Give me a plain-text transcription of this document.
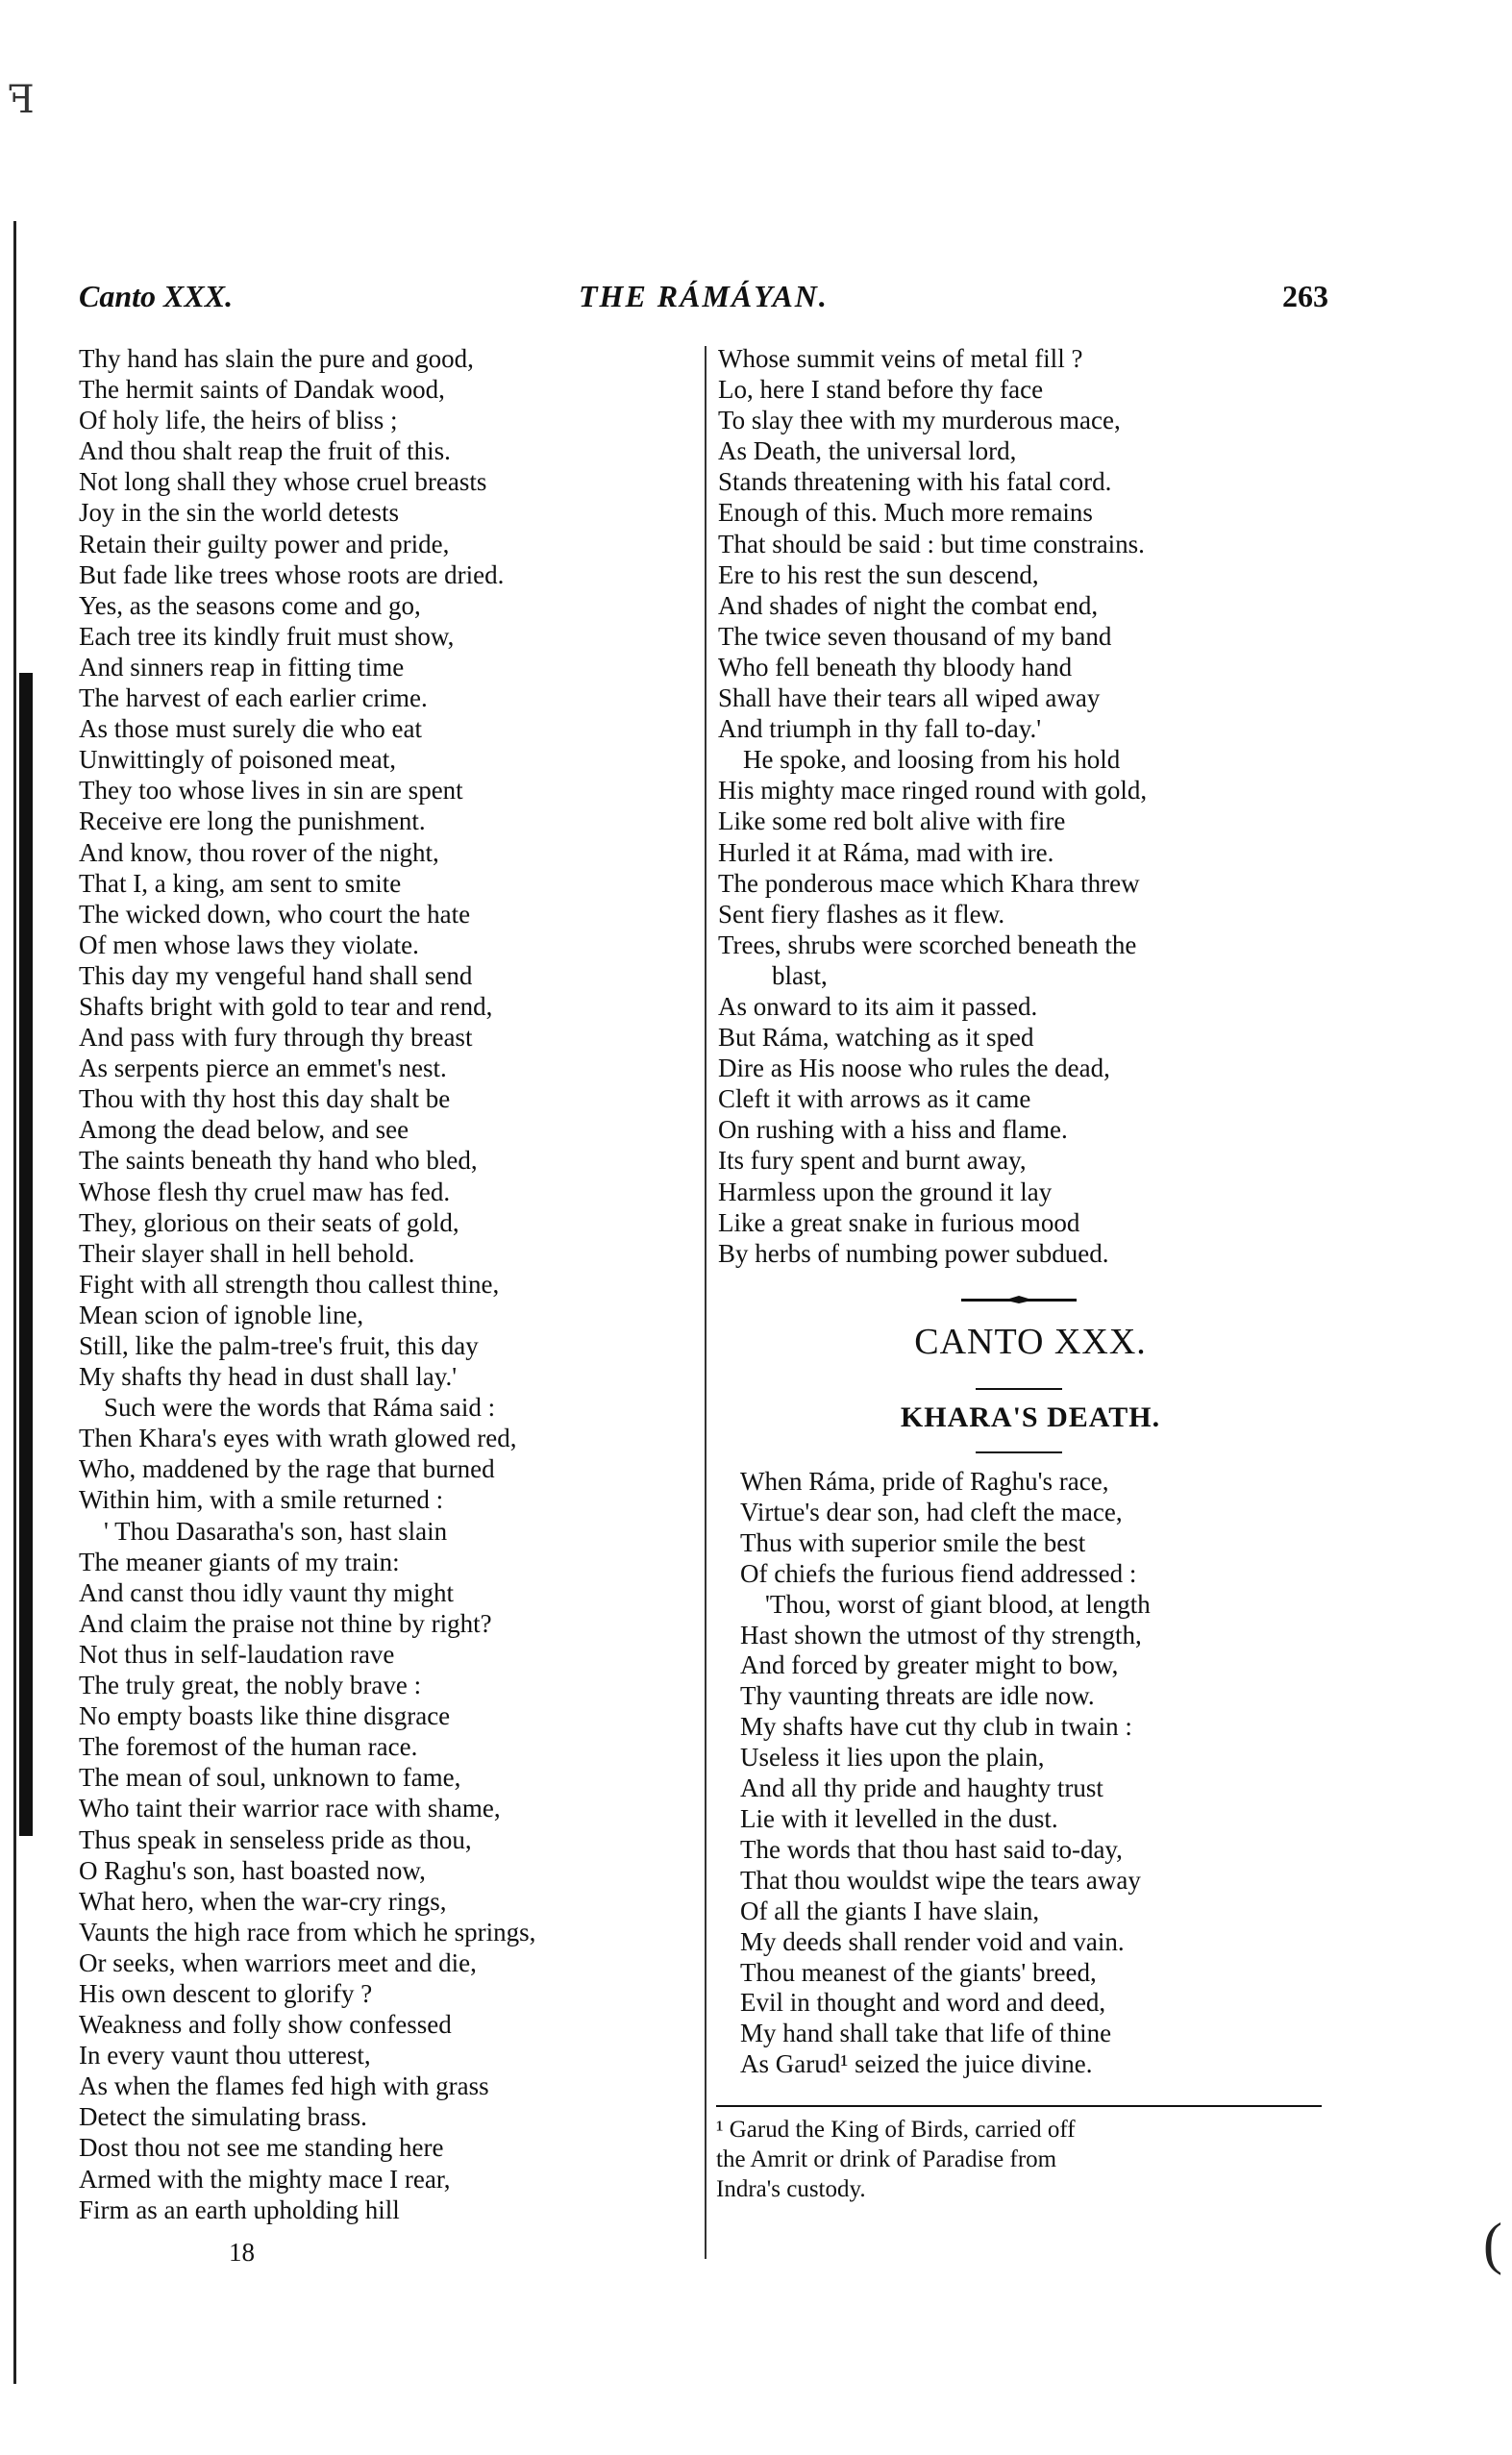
ꟻ
(
Canto XXX.	THE RÁMÁYAN.	263
Thy hand has slain the pure and good,
The hermit saints of Dandak wood,
Of holy life, the heirs of bliss ;
And thou shalt reap the fruit of this.
Not long shall they whose cruel breasts
Joy in the sin the world detests
Retain their guilty power and pride,
But fade like trees whose roots are dried.
Yes, as the seasons come and go,
Each tree its kindly fruit must show,
And sinners reap in fitting time
The harvest of each earlier crime.
As those must surely die who eat
Unwittingly of poisoned meat,
They too whose lives in sin are spent
Receive ere long the punishment.
And know, thou rover of the night,
That I, a king, am sent to smite
The wicked down, who court the hate
Of men whose laws they violate.
This day my vengeful hand shall send
Shafts bright with gold to tear and rend,
And pass with fury through thy breast
As serpents pierce an emmet's nest.
Thou with thy host this day shalt be
Among the dead below, and see
The saints beneath thy hand who bled,
Whose flesh thy cruel maw has fed.
They, glorious on their seats of gold,
Their slayer shall in hell behold.
Fight with all strength thou callest thine,
Mean scion of ignoble line,
Still, like the palm-tree's fruit, this day
My shafts thy head in dust shall lay.'
Such were the words that Ráma said :
Then Khara's eyes with wrath glowed red,
Who, maddened by the rage that burned
Within him, with a smile returned :
' Thou Dasaratha's son, hast slain
The meaner giants of my train:
And canst thou idly vaunt thy might
And claim the praise not thine by right?
Not thus in self-laudation rave
The truly great, the nobly brave :
No empty boasts like thine disgrace
The foremost of the human race.
The mean of soul, unknown to fame,
Who taint their warrior race with shame,
Thus speak in senseless pride as thou,
O Raghu's son, hast boasted now,
What hero, when the war-cry rings,
Vaunts the high race from which he springs,
Or seeks, when warriors meet and die,
His own descent to glorify ?
Weakness and folly show confessed
In every vaunt thou utterest,
As when the flames fed high with grass
Detect the simulating brass.
Dost thou not see me standing here
Armed with the mighty mace I rear,
Firm as an earth upholding hill
Whose summit veins of metal fill ?
Lo, here I stand before thy face
To slay thee with my murderous mace,
As Death, the universal lord,
Stands threatening with his fatal cord.
Enough of this. Much more remains
That should be said : but time constrains.
Ere to his rest the sun descend,
And shades of night the combat end,
The twice seven thousand of my band
Who fell beneath thy bloody hand
Shall have their tears all wiped away
And triumph in thy fall to-day.'
He spoke, and loosing from his hold
His mighty mace ringed round with gold,
Like some red bolt alive with fire
Hurled it at Ráma, mad with ire.
The ponderous mace which Khara threw
Sent fiery flashes as it flew.
Trees, shrubs were scorched beneath the
blast,
As onward to its aim it passed.
But Ráma, watching as it sped
Dire as His noose who rules the dead,
Cleft it with arrows as it came
On rushing with a hiss and flame.
Its fury spent and burnt away,
Harmless upon the ground it lay
Like a great snake in furious mood
By herbs of numbing power subdued.
CANTO XXX.
KHARA'S DEATH.
When Ráma, pride of Raghu's race,
Virtue's dear son, had cleft the mace,
Thus with superior smile the best
Of chiefs the furious fiend addressed :
'Thou, worst of giant blood, at length
Hast shown the utmost of thy strength,
And forced by greater might to bow,
Thy vaunting threats are idle now.
My shafts have cut thy club in twain :
Useless it lies upon the plain,
And all thy pride and haughty trust
Lie with it levelled in the dust.
The words that thou hast said to-day,
That thou wouldst wipe the tears away
Of all the giants I have slain,
My deeds shall render void and vain.
Thou meanest of the giants' breed,
Evil in thought and word and deed,
My hand shall take that life of thine
As Garud¹ seized the juice divine.
¹ Garud the King of Birds, carried off
the Amrit or drink of Paradise from
Indra's custody.
18
